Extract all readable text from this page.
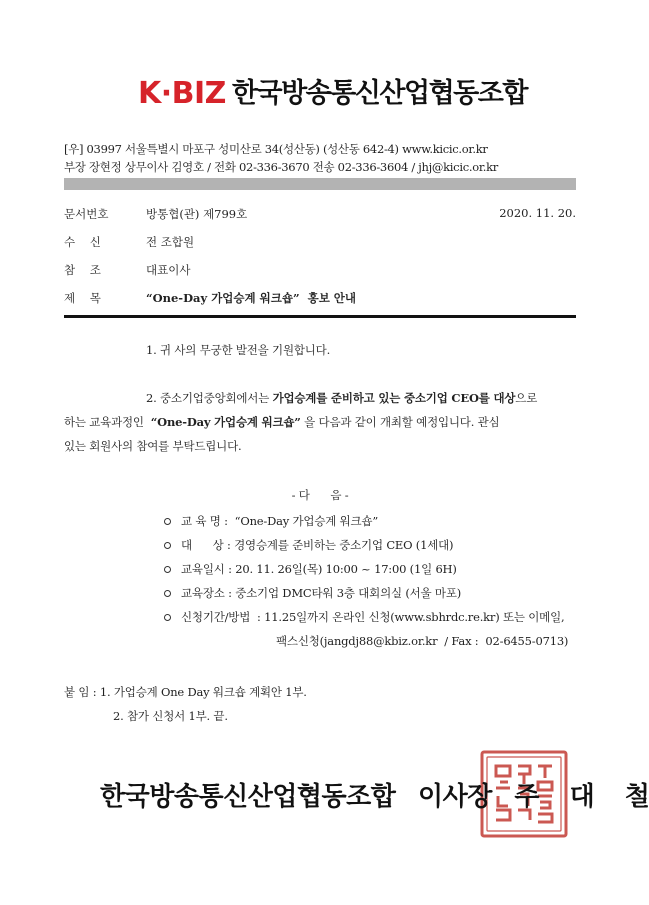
K·BIZ 한국방송통신산업협동조합
[우] 03997 서울특별시 마포구 성미산로 34(성산동) (성산동 642-4) www.kicic.or.kr
부장 장현정 상무이사 김영호 / 전화 02-336-3670 전송 02-336-3604 / jhj@kicic.or.kr
문서번호	방통협(관) 제799호	2020. 11. 20.
수    신	전 조합원
참    조	대표이사
제    목	“One-Day 가업승계 워크숍”  홍보 안내
1. 귀 사의 무궁한 발전을 기원합니다.
2. 중소기업중앙회에서는 가업승계를 준비하고 있는 중소기업 CEO를 대상으로
하는 교육과정인  “One-Day 가업승계 워크숍” 을 다음과 같이 개최할 예정입니다. 관심
있는 회원사의 참여를 부탁드립니다.
- 다      음 -
교 육 명 :  “One-Day 가업승계 워크숍”
대      상 : 경영승계를 준비하는 중소기업 CEO (1세대)
교육일시 : 20. 11. 26일(목) 10:00 ~ 17:00 (1일 6H)
교육장소 : 중소기업 DMC타워 3층 대회의실 (서울 마포)
신청기간/방법  : 11.25일까지 온라인 신청(www.sbhrdc.re.kr) 또는 이메일,
팩스신청(jangdj88@kbiz.or.kr  / Fax :  02-6455-0713)
붙 임 : 1. 가업승계 One Day 워크숍 계획안 1부.
2. 참가 신청서 1부. 끝.
한국방송통신산업협동조합 이사장 주 대 철
